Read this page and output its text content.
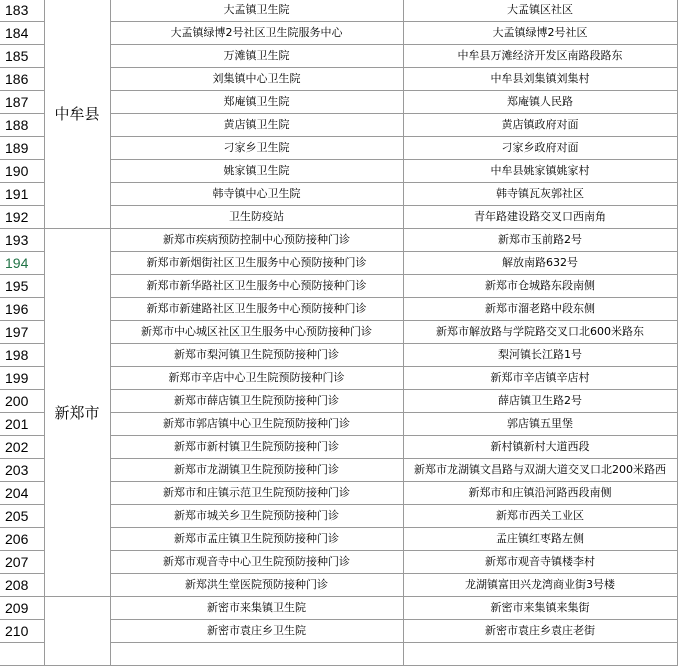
183	中牟县	大孟镇卫生院	大孟镇区社区
184		大孟镇绿博2号社区卫生院服务中心	大孟镇绿博2号社区
185		万滩镇卫生院	中牟县万滩经济开发区南路段路东
186		刘集镇中心卫生院	中牟县刘集镇刘集村
187		郑庵镇卫生院	郑庵镇人民路
188		黄店镇卫生院	黄店镇政府对面
189		刁家乡卫生院	刁家乡政府对面
190		姚家镇卫生院	中牟县姚家镇姚家村
191		韩寺镇中心卫生院	韩寺镇瓦灰郭社区
192		卫生防疫站	青年路建设路交叉口西南角
193	新郑市	新郑市疾病预防控制中心预防接种门诊	新郑市玉前路2号
194		新郑市新烟街社区卫生服务中心预防接种门诊	解放南路632号
195		新郑市新华路社区卫生服务中心预防接种门诊	新郑市仓城路东段南侧
196		新郑市新建路社区卫生服务中心预防接种门诊	新郑市溜老路中段东侧
197		新郑市中心城区社区卫生服务中心预防接种门诊	新郑市解放路与学院路交叉口北600米路东
198		新郑市梨河镇卫生院预防接种门诊	梨河镇长江路1号
199		新郑市辛店中心卫生院预防接种门诊	新郑市辛店镇辛店村
200		新郑市薛店镇卫生院预防接种门诊	薛店镇卫生路2号
201		新郑市郭店镇中心卫生院预防接种门诊	郭店镇五里堡
202		新郑市新村镇卫生院预防接种门诊	新村镇新村大道西段
203		新郑市龙湖镇卫生院预防接种门诊	新郑市龙湖镇文昌路与双湖大道交叉口北200米路西
204		新郑市和庄镇示范卫生院预防接种门诊	新郑市和庄镇沿河路西段南侧
205		新郑市城关乡卫生院预防接种门诊	新郑市西关工业区
206		新郑市孟庄镇卫生院预防接种门诊	孟庄镇红枣路左侧
207		新郑市观音寺中心卫生院预防接种门诊	新郑市观音寺镇楼李村
208		新郑洪生堂医院预防接种门诊	龙湖镇富田兴龙湾商业街3号楼
209		新密市来集镇卫生院	新密市来集镇来集街
210		新密市袁庄乡卫生院	新密市袁庄乡袁庄老街
